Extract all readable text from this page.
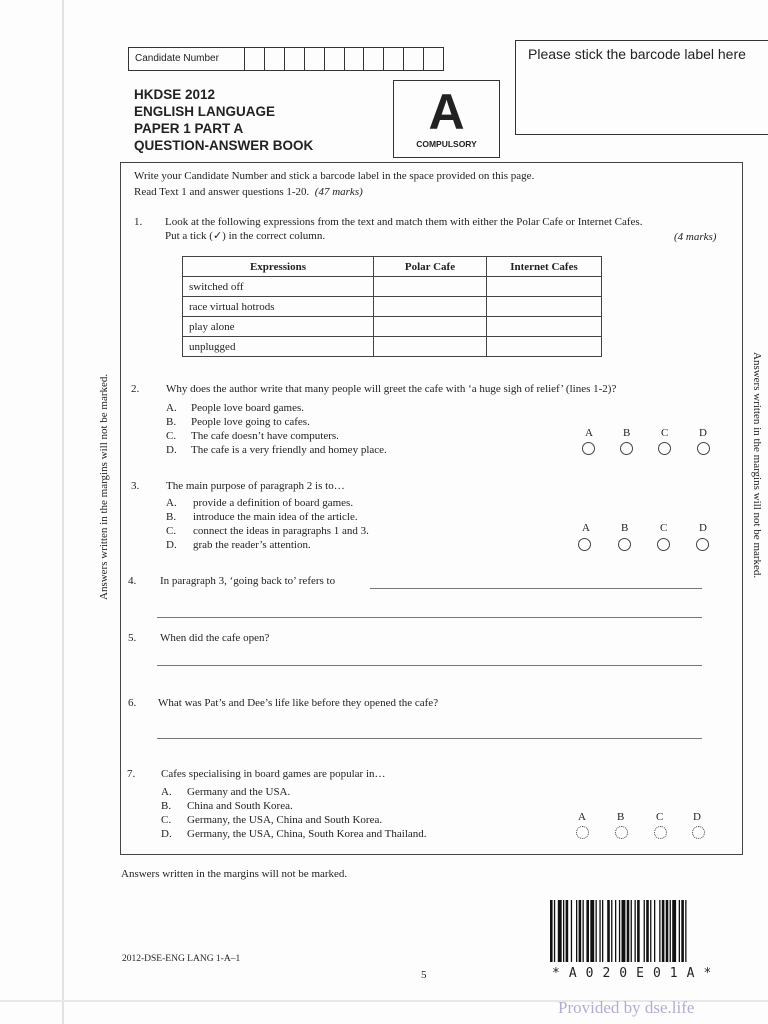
Candidate Number	Please stick the barcode label here
HKDSE 2012
ENGLISH LANGUAGE
PAPER 1 PART A
QUESTION-ANSWER BOOK
A
COMPULSORY
Answers written in the margins will not be marked.	Answers written in the margins will not be marked.
Write your Candidate Number and stick a barcode label in the space provided on this page.
Read Text 1 and answer questions 1-20. (47 marks)
1. Look at the following expressions from the text and match them with either the Polar Cafe or Internet Cafes.
Put a tick (✓) in the correct column.	(4 marks)
Expressions	Polar Cafe	Internet Cafes
switched off		
race virtual hotrods		
play alone		
unplugged		
2. Why does the author write that many people will greet the cafe with ‘a huge sigh of relief’ (lines 1-2)?
A. People love board games.
B. People love going to cafes.
C. The cafe doesn’t have computers.
D. The cafe is a very friendly and homey place.
A	B	C	D
3. The main purpose of paragraph 2 is to…
A. provide a definition of board games.
B. introduce the main idea of the article.
C. connect the ideas in paragraphs 1 and 3.
D. grab the reader’s attention.
A	B	C	D
4. In paragraph 3, ‘going back to’ refers to
5. When did the cafe open?
6. What was Pat’s and Dee’s life like before they opened the cafe?
7. Cafes specialising in board games are popular in…
A. Germany and the USA.
B. China and South Korea.
C. Germany, the USA, China and South Korea.
D. Germany, the USA, China, South Korea and Thailand.
A	B	C	D
Answers written in the margins will not be marked.
2012-DSE-ENG LANG 1-A–1
5	*A020E01A*
Provided by dse.life
